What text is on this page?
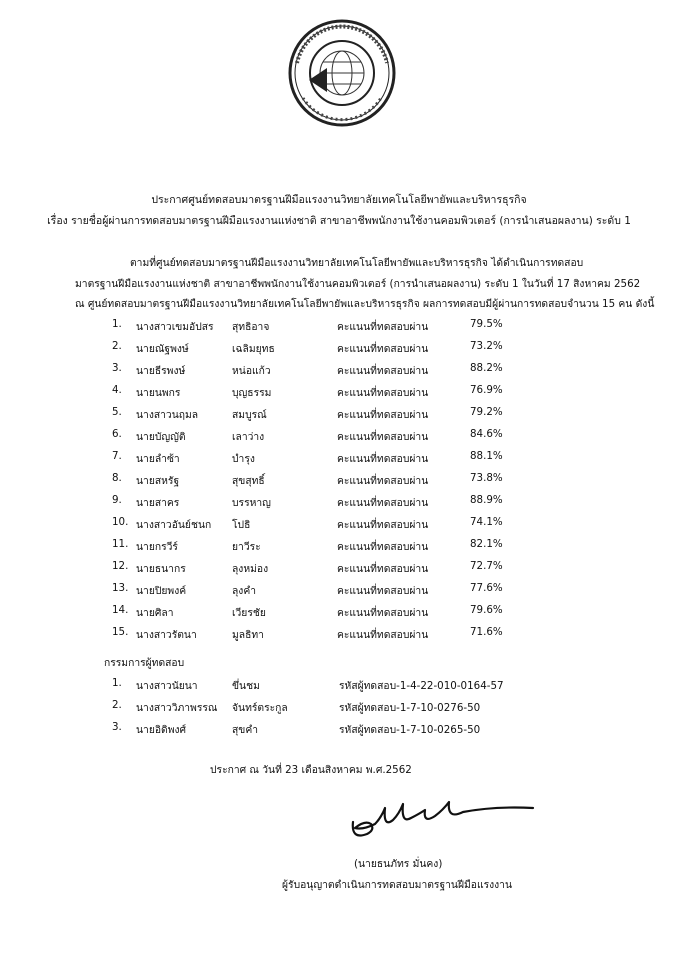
ประกาศศูนย์ทดสอบมาตรฐานฝีมือแรงงานวิทยาลัยเทคโนโลยีพายัพและบริหารธุรกิจ
เรื่อง รายชื่อผู้ผ่านการทดสอบมาตรฐานฝีมือแรงงานแห่งชาติ สาขาอาชีพพนักงานใช้งานคอมพิวเตอร์ (การนำเสนอผลงาน) ระดับ 1
ตามที่ศูนย์ทดสอบมาตรฐานฝีมือแรงงานวิทยาลัยเทคโนโลยีพายัพและบริหารธุรกิจ ได้ดำเนินการทดสอบ
มาตรฐานฝีมือแรงงานแห่งชาติ สาขาอาชีพพนักงานใช้งานคอมพิวเตอร์ (การนำเสนอผลงาน) ระดับ 1 ในวันที่ 17 สิงหาคม 2562
ณ ศูนย์ทดสอบมาตรฐานฝีมือแรงงานวิทยาลัยเทคโนโลยีพายัพและบริหารธุรกิจ ผลการทดสอบมีผู้ผ่านการทดสอบจำนวน 15 คน ดังนี้
1. นางสาวเขมอัปสร สุทธิอาจ	คะแนนที่ทดสอบผ่าน	79.5%
2. นายณัฐพงษ์	เฉลิมยุทธ	คะแนนที่ทดสอบผ่าน	73.2%
3. นายธีรพงษ์	หน่อแก้ว	คะแนนที่ทดสอบผ่าน	88.2%
4. นายนพกร	บุญธรรม	คะแนนที่ทดสอบผ่าน	76.9%
5. นางสาวนฤมล	สมบูรณ์	คะแนนที่ทดสอบผ่าน	79.2%
6. นายบัญญัติ	เลาว่าง	คะแนนที่ทดสอบผ่าน	84.6%
7. นายลำซ้า	บำรุง	คะแนนที่ทดสอบผ่าน	88.1%
8. นายสหรัฐ	สุขสุทธิ์	คะแนนที่ทดสอบผ่าน	73.8%
9. นายสาคร	บรรหาญ	คะแนนที่ทดสอบผ่าน	88.9%
10. นางสาวอันย์ชนก โปธิ	คะแนนที่ทดสอบผ่าน	74.1%
11. นายกรวีร์	ยาวีระ	คะแนนที่ทดสอบผ่าน	82.1%
12. นายธนากร	ลุงหม่อง	คะแนนที่ทดสอบผ่าน	72.7%
13. นายปิยพงค์	ลุงคำ	คะแนนที่ทดสอบผ่าน	77.6%
14. นายศิลา	เวียรชัย	คะแนนที่ทดสอบผ่าน	79.6%
15. นางสาวรัตนา	มูลธิทา	คะแนนที่ทดสอบผ่าน	71.6%
กรรมการผู้ทดสอบ
1. นางสาวนัยนา	ขึ่นชม	รหัสผู้ทดสอบ-1-4-22-010-0164-57
2. นางสาววิภาพรรณ จันทร์ตระกูล	รหัสผู้ทดสอบ-1-7-10-0276-50
3. นายอิดิพงศ์	สุขคำ	รหัสผู้ทดสอบ-1-7-10-0265-50
ประกาศ ณ วันที่ 23 เดือนสิงหาคม พ.ศ.2562
(นายธนภัทร มั่นคง)
ผู้รับอนุญาตดำเนินการทดสอบมาตรฐานฝีมือแรงงาน
